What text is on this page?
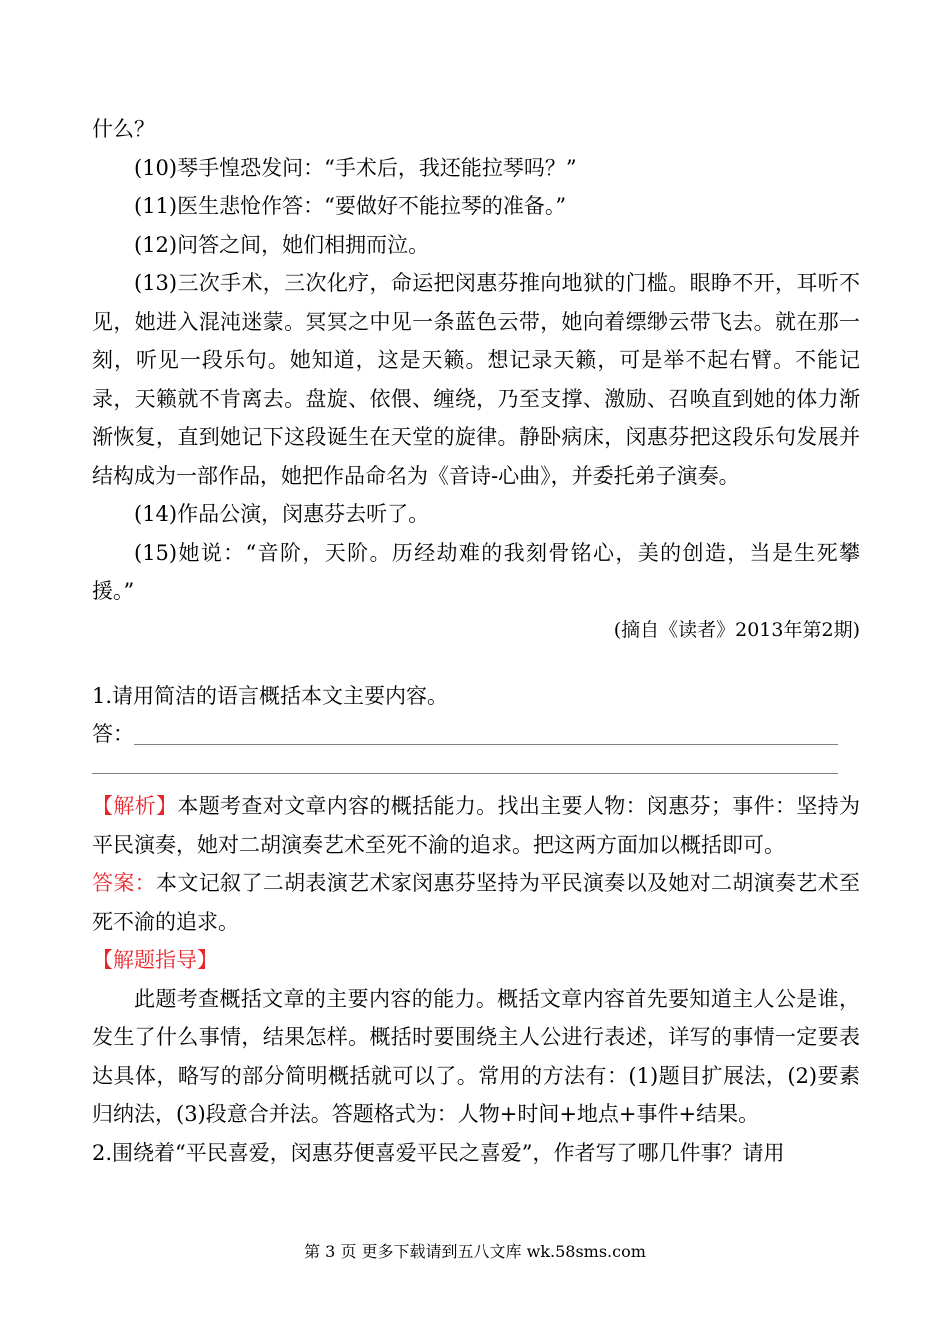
什么？

(10)琴手惶恐发问：“手术后，我还能拉琴吗？”

(11)医生悲怆作答：“要做好不能拉琴的准备。”

(12)问答之间，她们相拥而泣。

(13)三次手术，三次化疗，命运把闵惠芬推向地狱的门槛。眼睁不开，耳听不见，她进入混沌迷蒙。冥冥之中见一条蓝色云带，她向着缥缈云带飞去。就在那一刻，听见一段乐句。她知道，这是天籁。想记录天籁，可是举不起右臂。不能记录，天籁就不肯离去。盘旋、依偎、缠绕，乃至支撑、激励、召唤直到她的体力渐渐恢复，直到她记下这段诞生在天堂的旋律。静卧病床，闵惠芬把这段乐句发展并结构成为一部作品，她把作品命名为《音诗-心曲》，并委托弟子演奏。

(14)作品公演，闵惠芬去听了。

(15)她说：“音阶，天阶。历经劫难的我刻骨铭心，美的创造，当是生死攀援。”

(摘自《读者》2013年第2期)

1.请用简洁的语言概括本文主要内容。

答：

【解析】本题考查对文章内容的概括能力。找出主要人物：闵惠芬；事件：坚持为平民演奏，她对二胡演奏艺术至死不渝的追求。把这两方面加以概括即可。

答案：本文记叙了二胡表演艺术家闵惠芬坚持为平民演奏以及她对二胡演奏艺术至死不渝的追求。

【解题指导】

此题考查概括文章的主要内容的能力。概括文章内容首先要知道主人公是谁，发生了什么事情，结果怎样。概括时要围绕主人公进行表述，详写的事情一定要表达具体，略写的部分简明概括就可以了。常用的方法有：(1)题目扩展法，(2)要素归纳法，(3)段意合并法。答题格式为：人物+时间+地点+事件+结果。

2.围绕着“平民喜爱，闵惠芬便喜爱平民之喜爱”，作者写了哪几件事？请用

第 3 页 更多下载请到五八文库 wk.58sms.com
